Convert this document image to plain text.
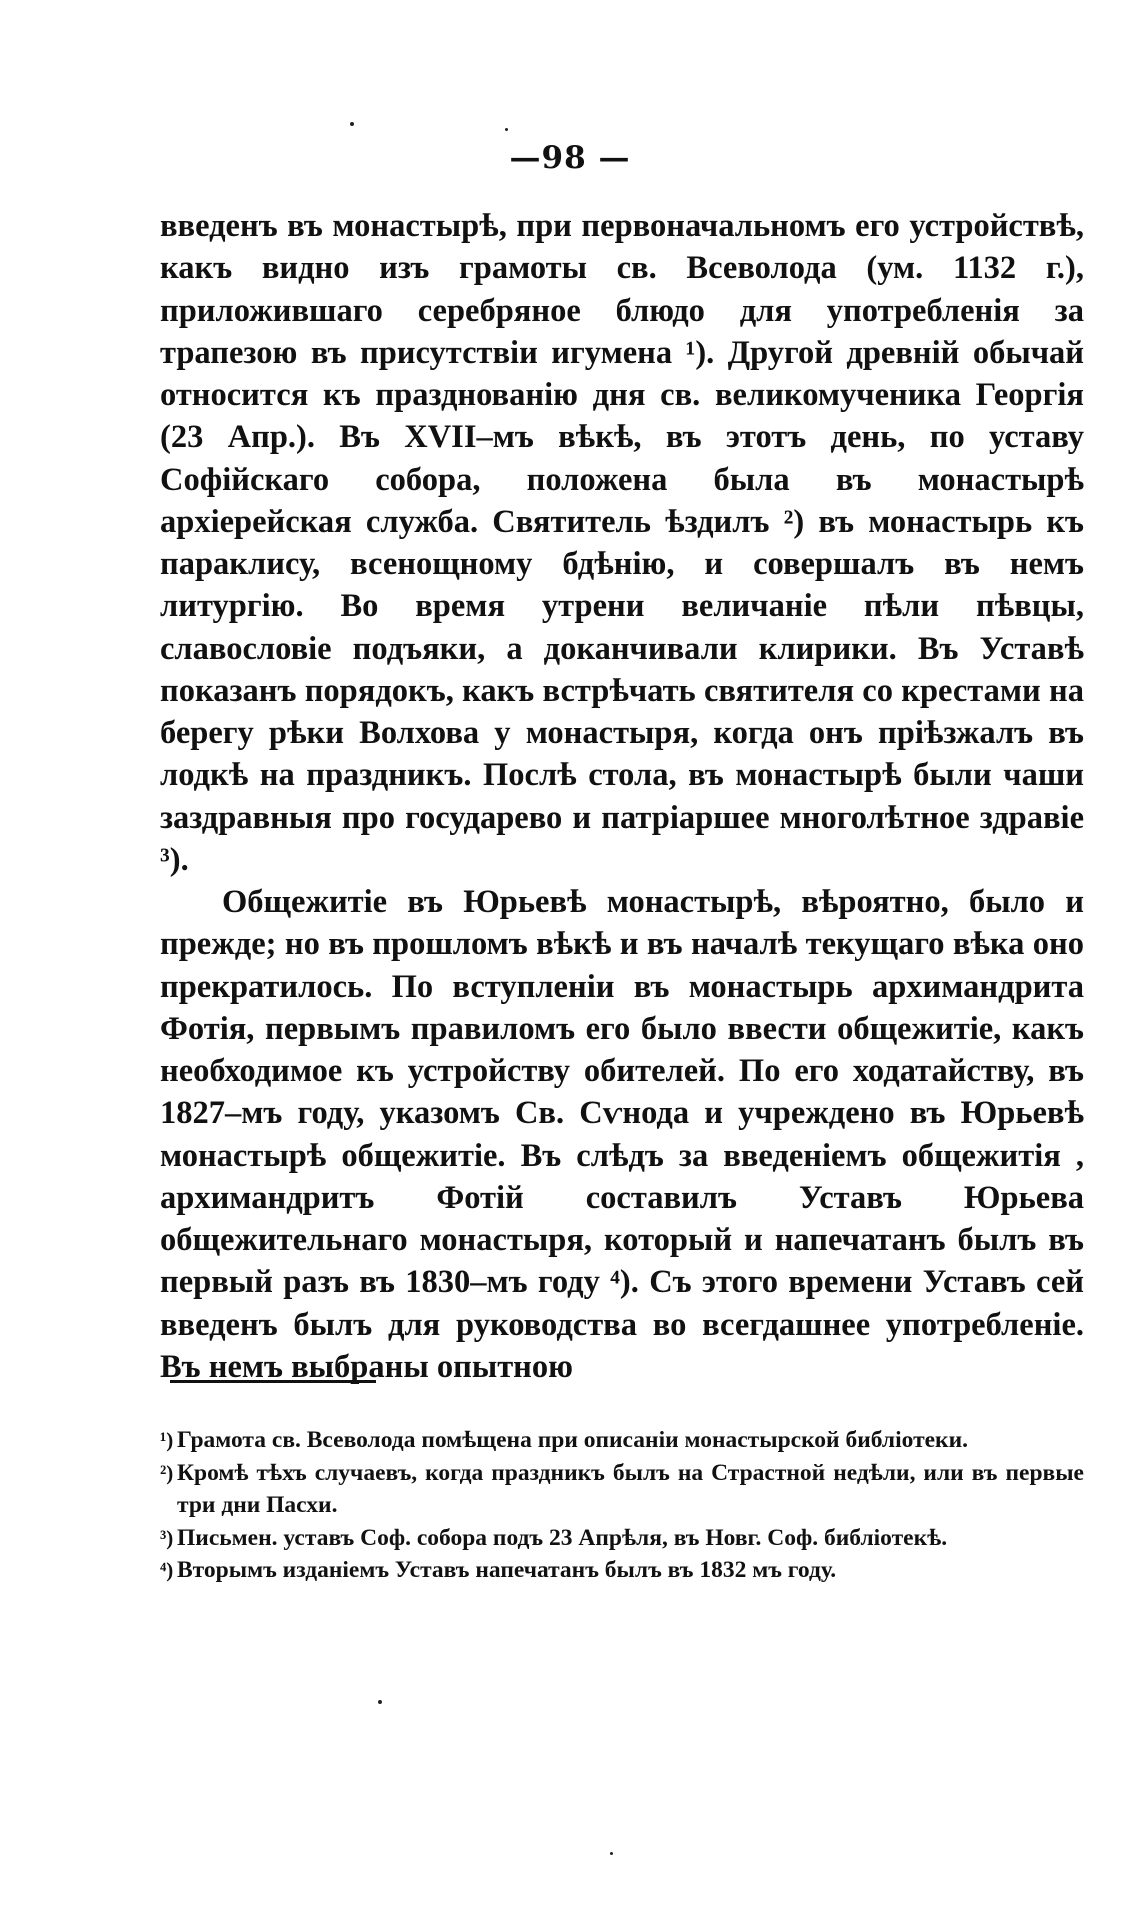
—98 —

введенъ въ монастырѣ, при первоначальномъ его устройствѣ, какъ видно изъ грамоты св. Всеволода (ум. 1132 г.), приложившаго серебряное блюдо для употребленія за трапезою въ присутствіи игумена ¹). Другой древній обычай относится къ празднованію дня св. великомученика Георгія (23 Апр.). Въ XVII–мъ вѣкѣ, въ этотъ день, по уставу Софійскаго собора, положена была въ монастырѣ архіерейская служба. Святитель ѣздилъ ²) въ монастырь къ параклису, всенощному бдѣнію, и совершалъ въ немъ литургію. Во время утрени величаніе пѣли пѣвцы, славословіе подъяки, а доканчивали клирики. Въ Уставѣ показанъ порядокъ, какъ встрѣчать святителя со крестами на берегу рѣки Волхова у монастыря, когда онъ пріѣзжалъ въ лодкѣ на праздникъ. Послѣ стола, въ монастырѣ были чаши заздравныя про государево и патріаршее многолѣтное здравіе ³).

Общежитіе въ Юрьевѣ монастырѣ, вѣроятно, было и прежде; но въ прошломъ вѣкѣ и въ началѣ текущаго вѣка оно прекратилось. По вступленіи въ монастырь архимандрита Фотія, первымъ правиломъ его было ввести общежитіе, какъ необходимое къ устройству обителей. По его ходатайству, въ 1827–мъ году, указомъ Св. Сѵнода и учреждено въ Юрьевѣ монастырѣ общежитіе. Въ слѣдъ за введеніемъ общежитія , архимандритъ Фотій составилъ Уставъ Юрьева общежительнаго монастыря, который и напечатанъ былъ въ первый разъ въ 1830–мъ году ⁴). Съ этого времени Уставъ сей введенъ былъ для руководства во всегдашнее употребленіе. Въ немъ выбраны опытною

¹) Грамота св. Всеволода помѣщена при описаніи монастырской библіотеки.

²) Кромѣ тѣхъ случаевъ, когда праздникъ былъ на Страстной недѣли, или въ первые три дни Пасхи.

³) Письмен. уставъ Соф. собора подъ 23 Апрѣля, въ Новг. Соф. библіотекѣ.

⁴) Вторымъ изданіемъ Уставъ напечатанъ былъ въ 1832 мъ году.
